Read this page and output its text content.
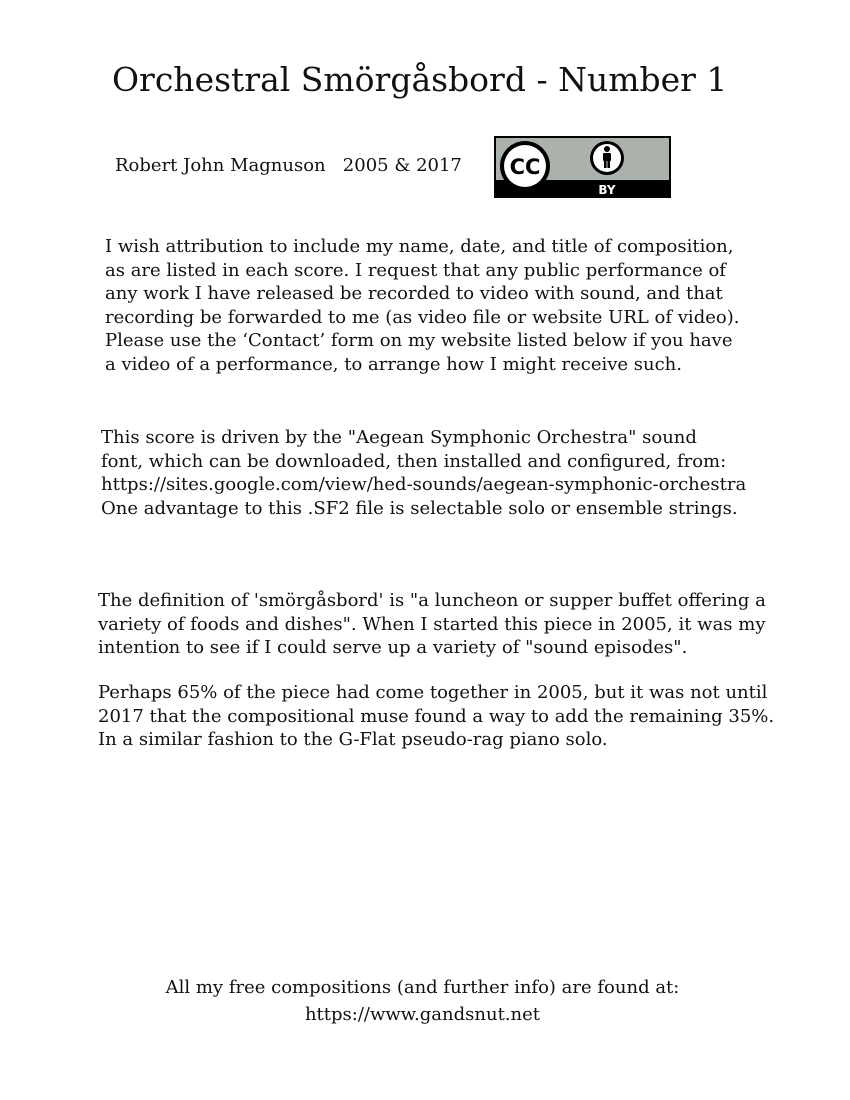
Orchestral Smörgåsbord - Number 1
Robert John Magnuson 2005 & 2017 CC
BY

I wish attribution to include my name, date, and title of composition,
as are listed in each score. I request that any public performance of
any work I have released be recorded to video with sound, and that
recording be forwarded to me (as video file or website URL of video).
Please use the ‘Contact’ form on my website listed below if you have
a video of a performance, to arrange how I might receive such.

This score is driven by the "Aegean Symphonic Orchestra" sound
font, which can be downloaded, then installed and configured, from:
https://sites.google.com/view/hed-sounds/aegean-symphonic-orchestra
One advantage to this .SF2 file is selectable solo or ensemble strings.

The definition of 'smörgåsbord' is "a luncheon or supper buffet offering a
variety of foods and dishes". When I started this piece in 2005, it was my
intention to see if I could serve up a variety of "sound episodes".

Perhaps 65% of the piece had come together in 2005, but it was not until
2017 that the compositional muse found a way to add the remaining 35%.
In a similar fashion to the G-Flat pseudo-rag piano solo.

All my free compositions (and further info) are found at:
https://www.gandsnut.net
